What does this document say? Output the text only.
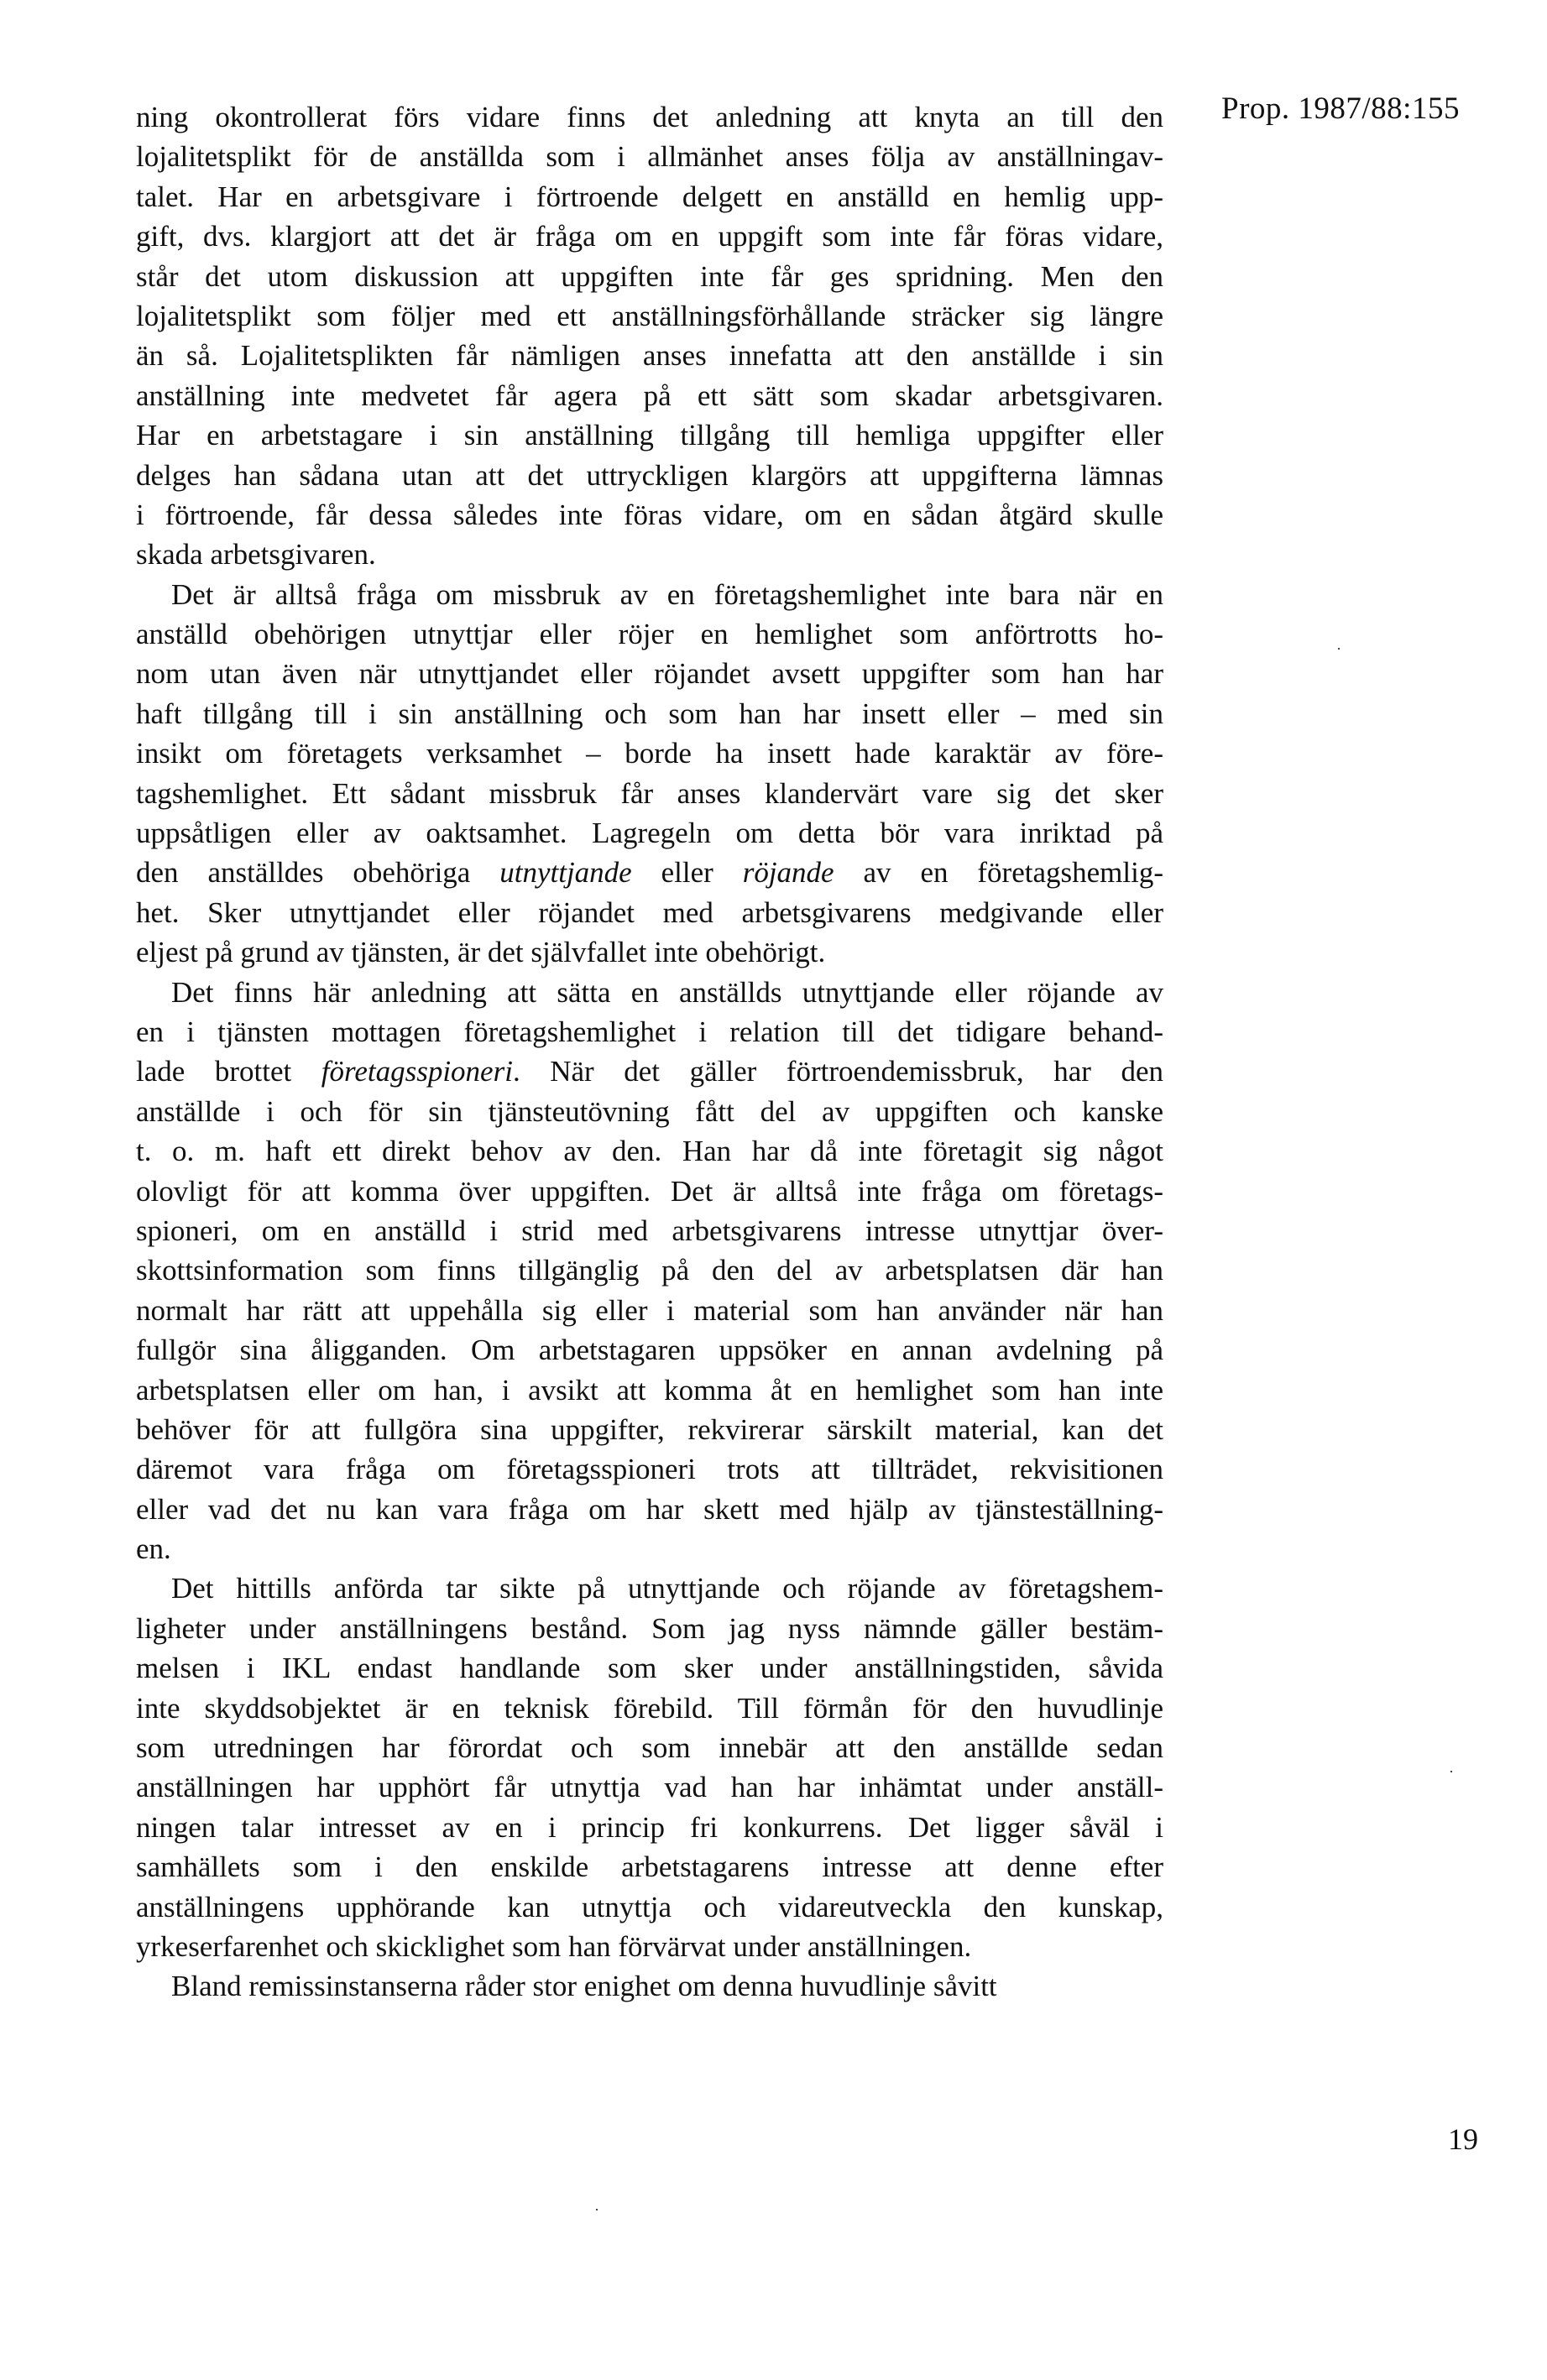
Prop. 1987/88:155
ning okontrollerat förs vidare finns det anledning att knyta an till den
lojalitetsplikt för de anställda som i allmänhet anses följa av anställningav-
talet. Har en arbetsgivare i förtroende delgett en anställd en hemlig upp-
gift, dvs. klargjort att det är fråga om en uppgift som inte får föras vidare,
står det utom diskussion att uppgiften inte får ges spridning. Men den
lojalitetsplikt som följer med ett anställningsförhållande sträcker sig längre
än så. Lojalitetsplikten får nämligen anses innefatta att den anställde i sin
anställning inte medvetet får agera på ett sätt som skadar arbetsgivaren.
Har en arbetstagare i sin anställning tillgång till hemliga uppgifter eller
delges han sådana utan att det uttryckligen klargörs att uppgifterna lämnas
i förtroende, får dessa således inte föras vidare, om en sådan åtgärd skulle
skada arbetsgivaren.
Det är alltså fråga om missbruk av en företagshemlighet inte bara när en
anställd obehörigen utnyttjar eller röjer en hemlighet som anförtrotts ho-
nom utan även när utnyttjandet eller röjandet avsett uppgifter som han har
haft tillgång till i sin anställning och som han har insett eller – med sin
insikt om företagets verksamhet – borde ha insett hade karaktär av före-
tagshemlighet. Ett sådant missbruk får anses klandervärt vare sig det sker
uppsåtligen eller av oaktsamhet. Lagregeln om detta bör vara inriktad på
den anställdes obehöriga utnyttjande eller röjande av en företagshemlig-
het. Sker utnyttjandet eller röjandet med arbetsgivarens medgivande eller
eljest på grund av tjänsten, är det självfallet inte obehörigt.
Det finns här anledning att sätta en anställds utnyttjande eller röjande av
en i tjänsten mottagen företagshemlighet i relation till det tidigare behand-
lade brottet företagsspioneri. När det gäller förtroendemissbruk, har den
anställde i och för sin tjänsteutövning fått del av uppgiften och kanske
t. o. m. haft ett direkt behov av den. Han har då inte företagit sig något
olovligt för att komma över uppgiften. Det är alltså inte fråga om företags-
spioneri, om en anställd i strid med arbetsgivarens intresse utnyttjar över-
skottsinformation som finns tillgänglig på den del av arbetsplatsen där han
normalt har rätt att uppehålla sig eller i material som han använder när han
fullgör sina åligganden. Om arbetstagaren uppsöker en annan avdelning på
arbetsplatsen eller om han, i avsikt att komma åt en hemlighet som han inte
behöver för att fullgöra sina uppgifter, rekvirerar särskilt material, kan det
däremot vara fråga om företagsspioneri trots att tillträdet, rekvisitionen
eller vad det nu kan vara fråga om har skett med hjälp av tjänsteställning-
en.
Det hittills anförda tar sikte på utnyttjande och röjande av företagshem-
ligheter under anställningens bestånd. Som jag nyss nämnde gäller bestäm-
melsen i IKL endast handlande som sker under anställningstiden, såvida
inte skyddsobjektet är en teknisk förebild. Till förmån för den huvudlinje
som utredningen har förordat och som innebär att den anställde sedan
anställningen har upphört får utnyttja vad han har inhämtat under anställ-
ningen talar intresset av en i princip fri konkurrens. Det ligger såväl i
samhällets som i den enskilde arbetstagarens intresse att denne efter
anställningens upphörande kan utnyttja och vidareutveckla den kunskap,
yrkeserfarenhet och skicklighet som han förvärvat under anställningen.
Bland remissinstanserna råder stor enighet om denna huvudlinje såvitt
19
